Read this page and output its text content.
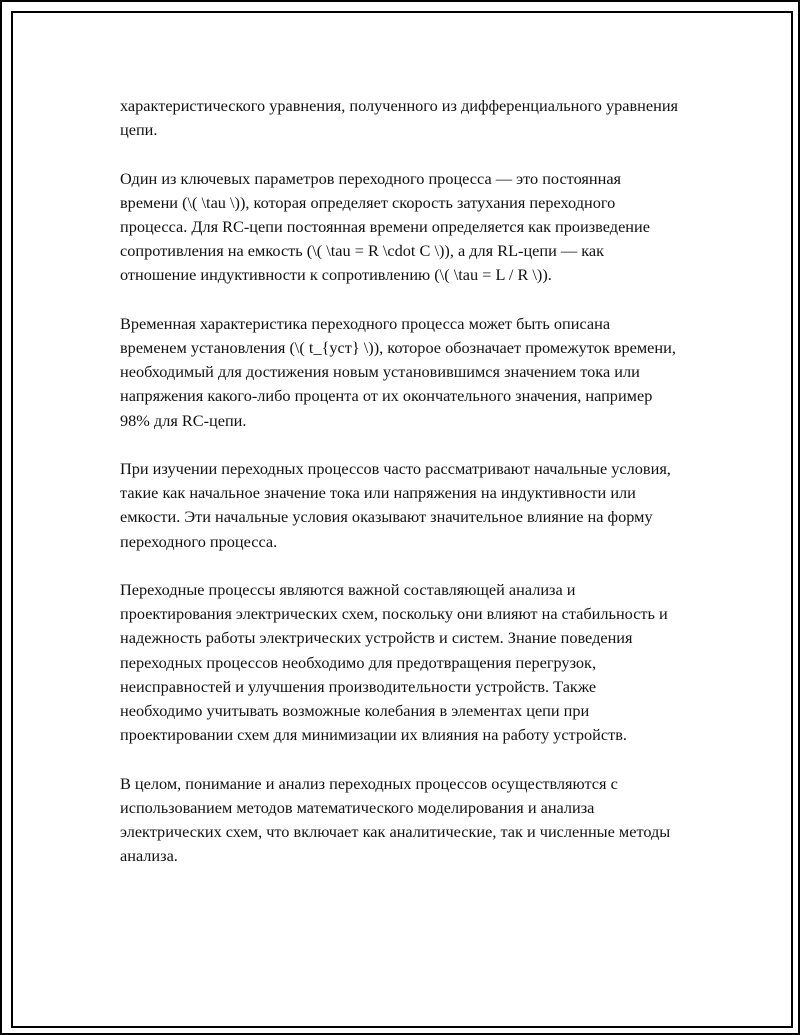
характеристического уравнения, полученного из дифференциального уравнения цепи.

Один из ключевых параметров переходного процесса — это постоянная времени (\( \tau \)), которая определяет скорость затухания переходного процесса. Для RC-цепи постоянная времени определяется как произведение сопротивления на емкость (\( \tau = R \cdot C \)), а для RL-цепи — как отношение индуктивности к сопротивлению (\( \tau = L / R \)).

Временная характеристика переходного процесса может быть описана временем установления (\( t_{уст} \)), которое обозначает промежуток времени, необходимый для достижения новым установившимся значением тока или напряжения какого-либо процента от их окончательного значения, например 98% для RC-цепи.

При изучении переходных процессов часто рассматривают начальные условия, такие как начальное значение тока или напряжения на индуктивности или емкости. Эти начальные условия оказывают значительное влияние на форму переходного процесса.

Переходные процессы являются важной составляющей анализа и проектирования электрических схем, поскольку они влияют на стабильность и надежность работы электрических устройств и систем. Знание поведения переходных процессов необходимо для предотвращения перегрузок, неисправностей и улучшения производительности устройств. Также необходимо учитывать возможные колебания в элементах цепи при проектировании схем для минимизации их влияния на работу устройств.

В целом, понимание и анализ переходных процессов осуществляются с использованием методов математического моделирования и анализа электрических схем, что включает как аналитические, так и численные методы анализа.
